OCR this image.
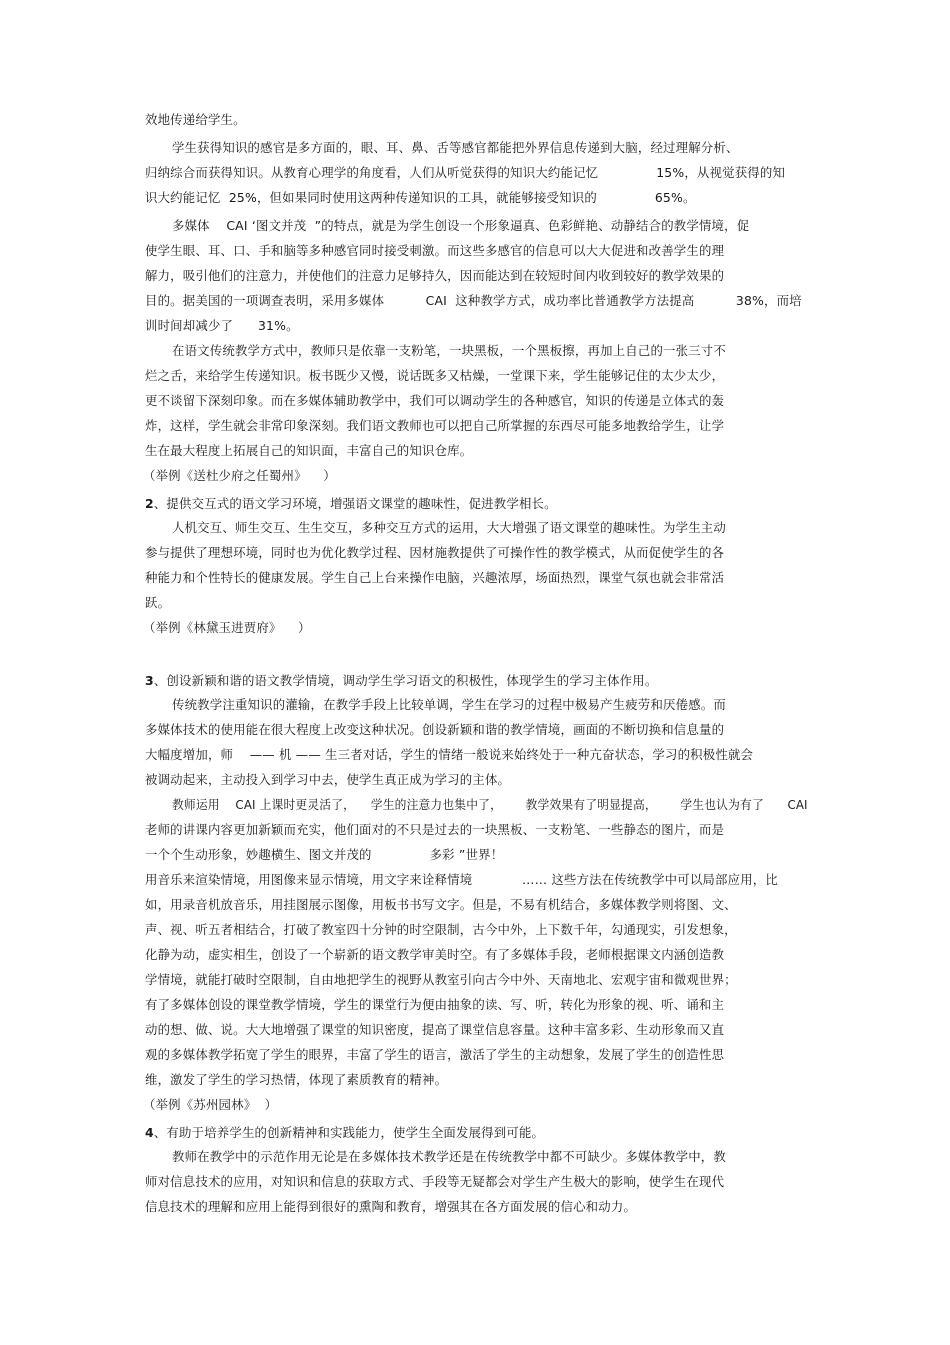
效地传递给学生。
学生获得知识的感官是多方面的，眼、耳、鼻、舌等感官都能把外界信息传递到大脑，经过理解分析、
归纳综合而获得知识。从教育心理学的角度看，人们从听觉获得的知识大约能记忆              15%，从视觉获得的知
识大约能记忆  25%，但如果同时使用这两种传递知识的工具，就能够接受知识的              65%。
多媒体    CAI ‘图文并茂  ”的特点，就是为学生创设一个形象逼真、色彩鲜艳、动静结合的教学情境，促
使学生眼、耳、口、手和脑等多种感官同时接受刺激。而这些多感官的信息可以大大促进和改善学生的理
解力，吸引他们的注意力，并使他们的注意力足够持久，因而能达到在较短时间内收到较好的教学效果的
目的。据美国的一项调查表明，采用多媒体          CAI  这种教学方式，成功率比普通教学方法提高          38%，而培
训时间却减少了      31%。
在语文传统教学方式中，教师只是依靠一支粉笔，一块黑板，一个黑板擦，再加上自己的一张三寸不
烂之舌，来给学生传递知识。板书既少又慢，说话既多又枯燥，一堂课下来，学生能够记住的太少太少，
更不谈留下深刻印象。而在多媒体辅助教学中，我们可以调动学生的各种感官，知识的传递是立体式的轰
炸，这样，学生就会非常印象深刻。我们语文教师也可以把自己所掌握的东西尽可能多地教给学生，让学
生在最大程度上拓展自己的知识面，丰富自己的知识仓库。
（举例《送杜少府之任蜀州》    ）
2、提供交互式的语文学习环境，增强语文课堂的趣味性，促进教学相长。
人机交互、师生交互、生生交互，多种交互方式的运用，大大增强了语文课堂的趣味性。为学生主动
参与提供了理想环境，同时也为优化教学过程、因材施教提供了可操作性的教学模式，从而促使学生的各
种能力和个性特长的健康发展。学生自己上台来操作电脑，兴趣浓厚，场面热烈，课堂气氛也就会非常活
跃。
（举例《林黛玉进贾府》    ）
3、创设新颖和谐的语文教学情境，调动学生学习语文的积极性，体现学生的学习主体作用。
传统教学注重知识的灌输，在教学手段上比较单调，学生在学习的过程中极易产生疲劳和厌倦感。而
多媒体技术的使用能在很大程度上改变这种状况。创设新颖和谐的教学情境，画面的不断切换和信息量的
大幅度增加，师    —— 机 —— 生三者对话，学生的情绪一般说来始终处于一种亢奋状态，学习的积极性就会
被调动起来，主动投入到学习中去，使学生真正成为学习的主体。
教师运用    CAI 上课时更灵活了，    学生的注意力也集中了，      教学效果有了明显提高，      学生也认为有了      CAI
老师的讲课内容更加新颖而充实，他们面对的不只是过去的一块黑板、一支粉笔、一些静态的图片，而是
一个个生动形象，妙趣横生、图文并茂的              多彩 ”世界！
用音乐来渲染情境，用图像来显示情境，用文字来诠释情境            …… 这些方法在传统教学中可以局部应用，比
如，用录音机放音乐，用挂图展示图像，用板书书写文字。但是，不易有机结合，多媒体教学则将图、文、
声、视、听五者相结合，打破了教室四十分钟的时空限制，古今中外，上下数千年，勾通现实，引发想象，
化静为动，虚实相生，创设了一个崭新的语文教学审美时空。有了多媒体手段，老师根据课文内涵创造教
学情境，就能打破时空限制，自由地把学生的视野从教室引向古今中外、天南地北、宏观宇宙和微观世界；
有了多媒体创设的课堂教学情境，学生的课堂行为便由抽象的读、写、听，转化为形象的视、听、诵和主
动的想、做、说。大大地增强了课堂的知识密度，提高了课堂信息容量。这种丰富多彩、生动形象而又直
观的多媒体教学拓宽了学生的眼界，丰富了学生的语言，激活了学生的主动想象，发展了学生的创造性思
维，激发了学生的学习热情，体现了素质教育的精神。
（举例《苏州园林》  ）
4、有助于培养学生的创新精神和实践能力，使学生全面发展得到可能。
教师在教学中的示范作用无论是在多媒体技术教学还是在传统教学中都不可缺少。多媒体教学中，教
师对信息技术的应用，对知识和信息的获取方式、手段等无疑都会对学生产生极大的影响，使学生在现代
信息技术的理解和应用上能得到很好的熏陶和教育，增强其在各方面发展的信心和动力。
